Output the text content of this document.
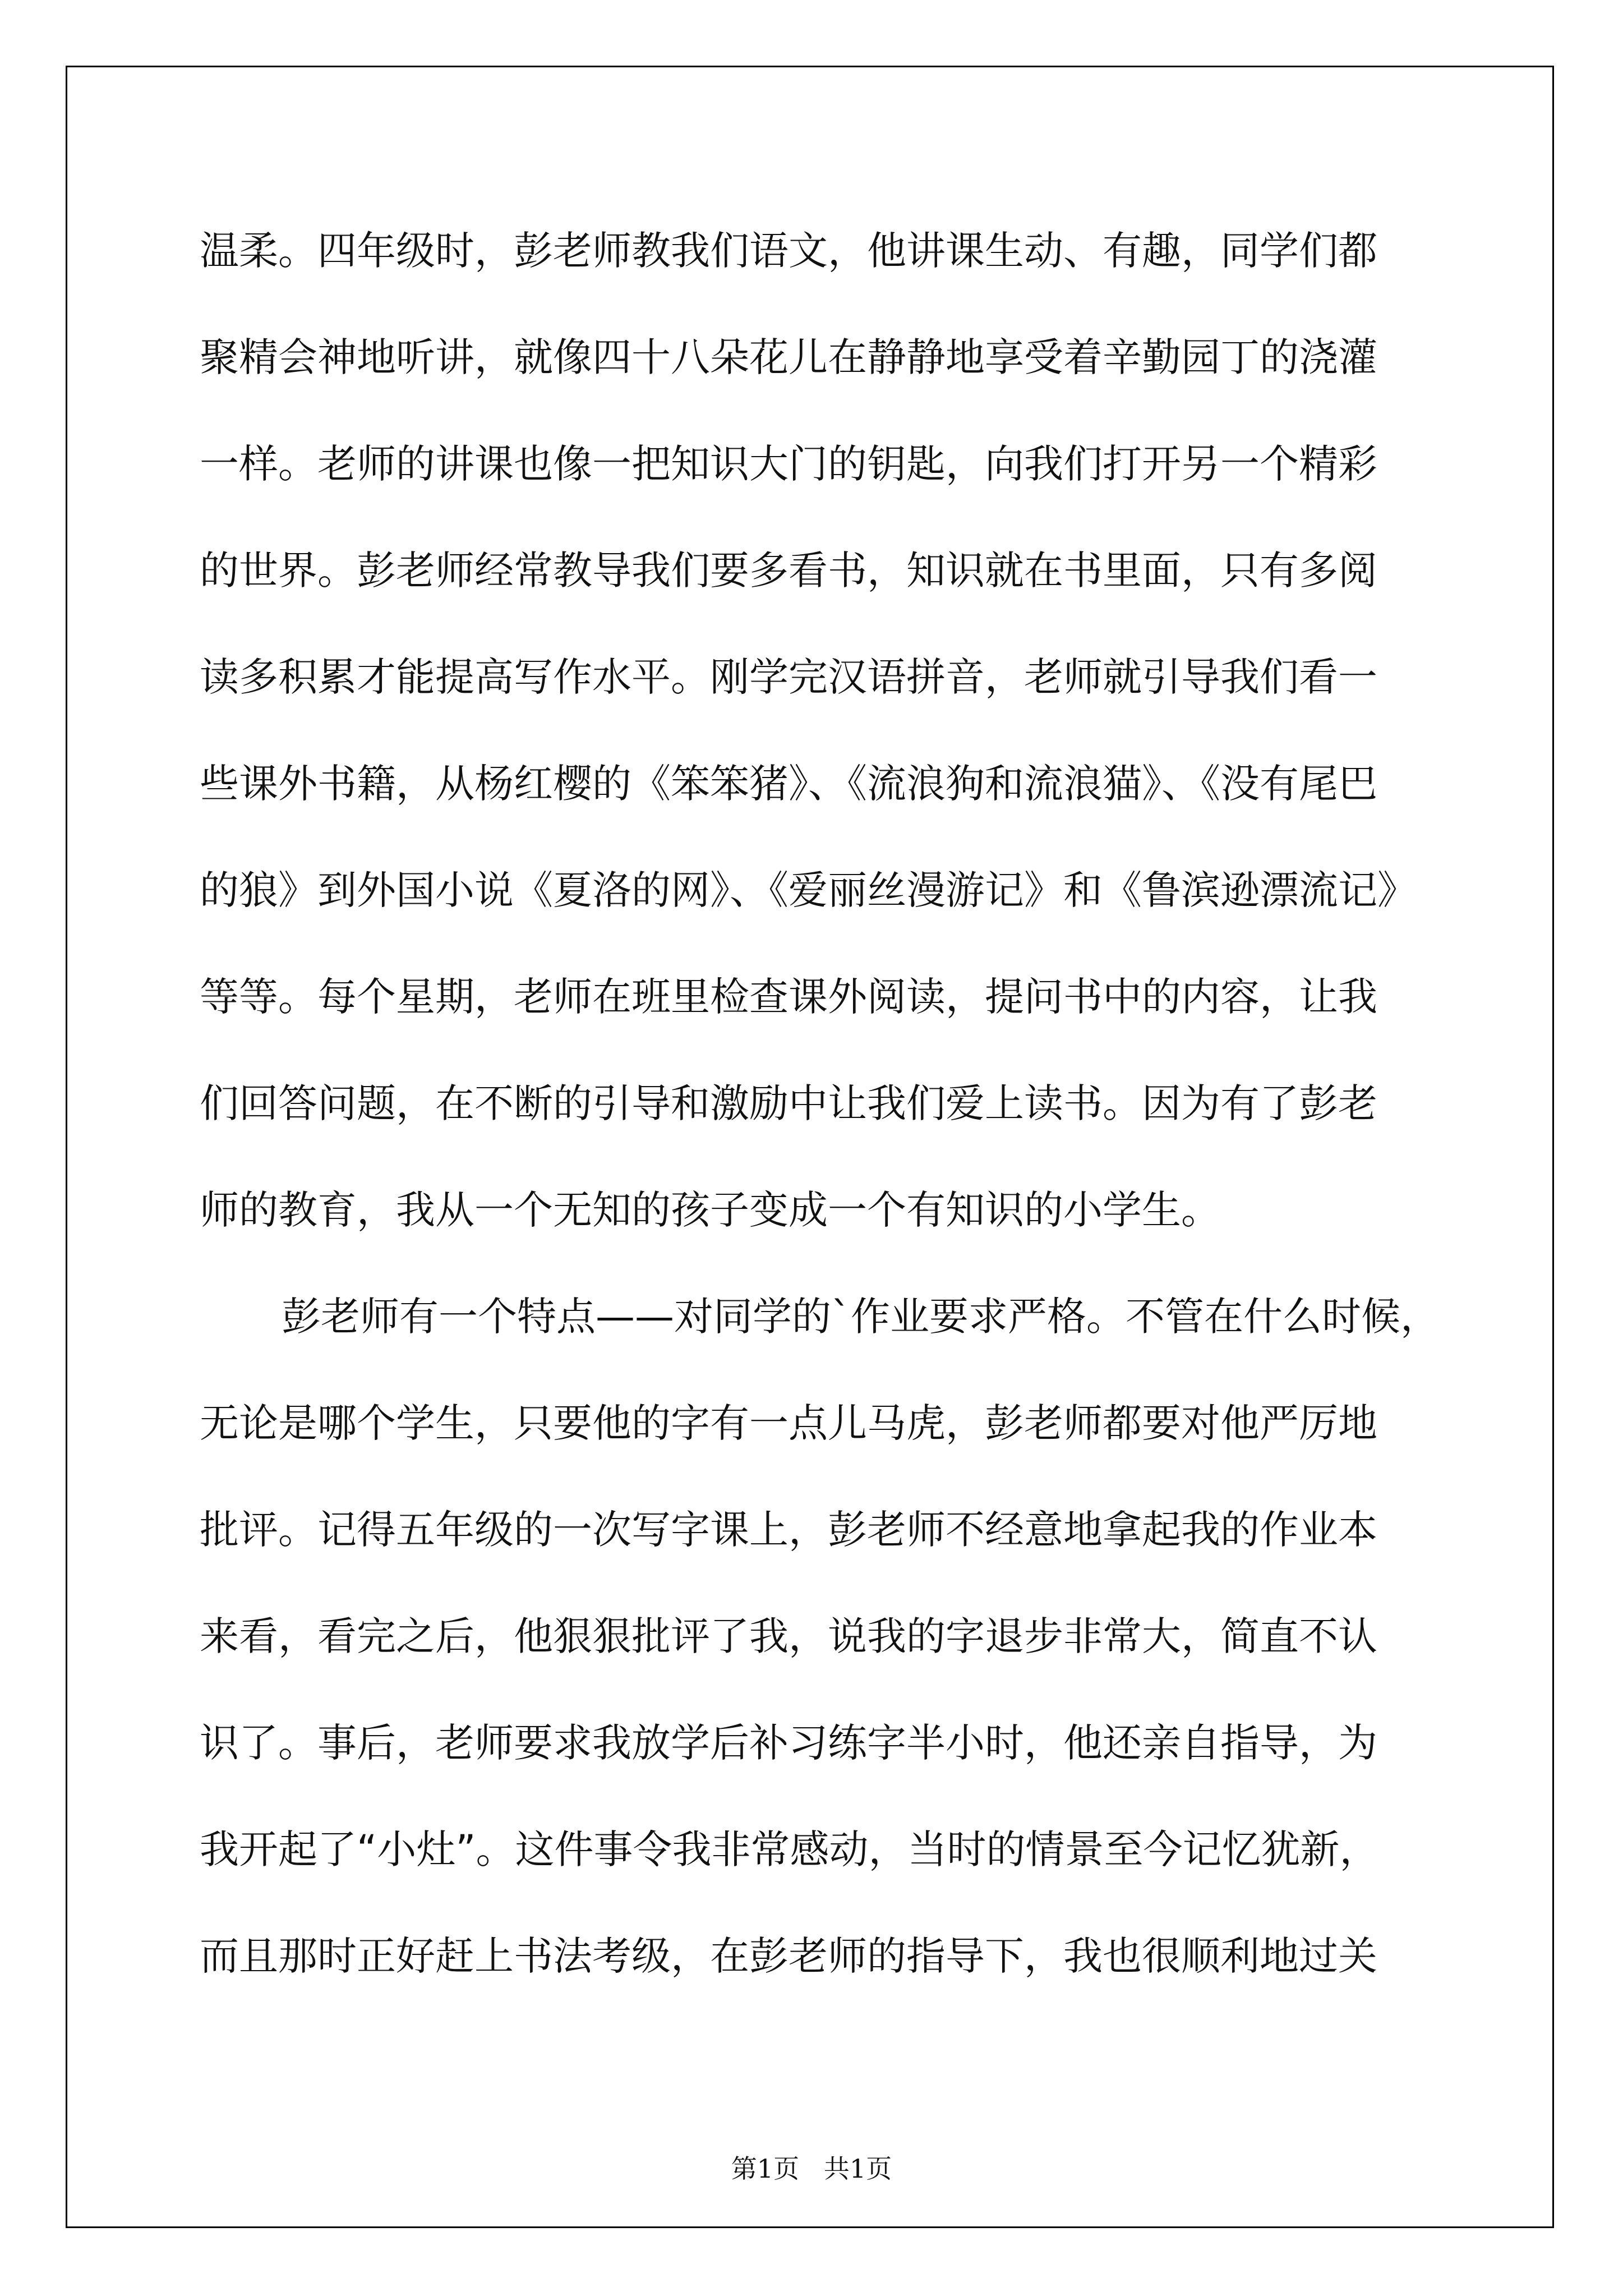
温柔。四年级时，彭老师教我们语文，他讲课生动、有趣，同学们都
聚精会神地听讲，就像四十八朵花儿在静静地享受着辛勤园丁的浇灌
一样。老师的讲课也像一把知识大门的钥匙，向我们打开另一个精彩
的世界。彭老师经常教导我们要多看书，知识就在书里面，只有多阅
读多积累才能提高写作水平。刚学完汉语拼音，老师就引导我们看一
些课外书籍，从杨红樱的《笨笨猪》、《流浪狗和流浪猫》、《没有尾巴
的狼》到外国小说《夏洛的网》、《爱丽丝漫游记》和《鲁滨逊漂流记》
等等。每个星期，老师在班里检查课外阅读，提问书中的内容，让我
们回答问题，在不断的引导和激励中让我们爱上读书。因为有了彭老
师的教育，我从一个无知的孩子变成一个有知识的小学生。
彭老师有一个特点——对同学的`作业要求严格。不管在什么时候，
无论是哪个学生，只要他的字有一点儿马虎，彭老师都要对他严厉地
批评。记得五年级的一次写字课上，彭老师不经意地拿起我的作业本
来看，看完之后，他狠狠批评了我，说我的字退步非常大，简直不认
识了。事后，老师要求我放学后补习练字半小时，他还亲自指导，为
我开起了“小灶”。这件事令我非常感动，当时的情景至今记忆犹新，
而且那时正好赶上书法考级，在彭老师的指导下，我也很顺利地过关
第1页   共1页
